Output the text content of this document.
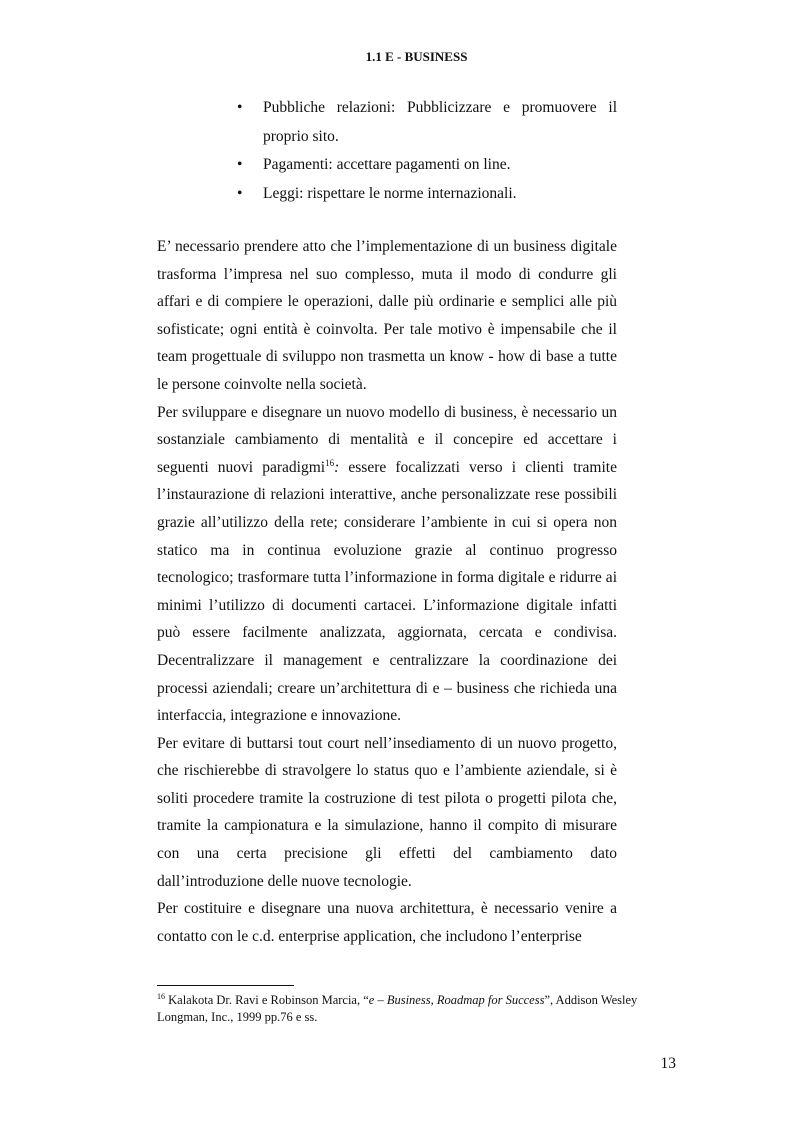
1.1 E - BUSINESS
• Pubbliche relazioni: Pubblicizzare e promuovere il proprio sito.
• Pagamenti: accettare pagamenti on line.
• Leggi: rispettare le norme internazionali.

E’ necessario prendere atto che l’implementazione di un business digitale trasforma l’impresa nel suo complesso, muta il modo di condurre gli affari e di compiere le operazioni, dalle più ordinarie e semplici alle più sofisticate; ogni entità è coinvolta. Per tale motivo è impensabile che il team progettuale di sviluppo non trasmetta un know - how di base a tutte le persone coinvolte nella società.

Per sviluppare e disegnare un nuovo modello di business, è necessario un sostanziale cambiamento di mentalità e il concepire ed accettare i seguenti nuovi paradigmi$^{16}$: essere focalizzati verso i clienti tramite l’instaurazione di relazioni interattive, anche personalizzate rese possibili grazie all’utilizzo della rete; considerare l’ambiente in cui si opera non statico ma in continua evoluzione grazie al continuo progresso tecnologico; trasformare tutta l’informazione in forma digitale e ridurre ai minimi l’utilizzo di documenti cartacei. L’informazione digitale infatti può essere facilmente analizzata, aggiornata, cercata e condivisa. Decentralizzare il management e centralizzare la coordinazione dei processi aziendali; creare un’architettura di e – business che richieda una interfaccia, integrazione e innovazione.

Per evitare di buttarsi tout court nell’insediamento di un nuovo progetto, che rischierebbe di stravolgere lo status quo e l’ambiente aziendale, si è soliti procedere tramite la costruzione di test pilota o progetti pilota che, tramite la campionatura e la simulazione, hanno il compito di misurare con una certa precisione gli effetti del cambiamento dato dall’introduzione delle nuove tecnologie.

Per costituire e disegnare una nuova architettura, è necessario venire a contatto con le c.d. enterprise application, che includono l’enterprise

$^{16}$ Kalakota Dr. Ravi e Robinson Marcia, “e – Business, Roadmap for Success”, Addison Wesley Longman, Inc., 1999 pp.76 e ss.
13
